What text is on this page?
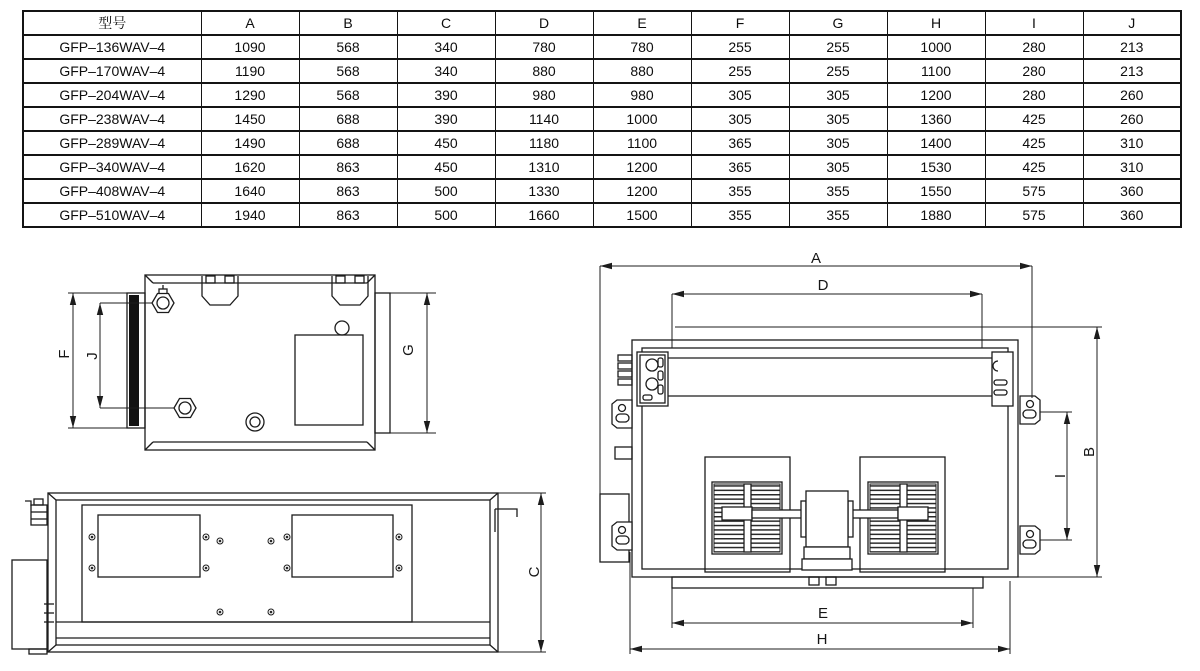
型号	A	B	C	D	E	F	G	H	I	J
GFP–136WAV–4	1090	568	340	780	780	255	255	1000	280	213
GFP–170WAV–4	1190	568	340	880	880	255	255	1100	280	213
GFP–204WAV–4	1290	568	390	980	980	305	305	1200	280	260
GFP–238WAV–4	1450	688	390	1140	1000	305	305	1360	425	260
GFP–289WAV–4	1490	688	450	1180	1100	365	305	1400	425	310
GFP–340WAV–4	1620	863	450	1310	1200	365	305	1530	425	310
GFP–408WAV–4	1640	863	500	1330	1200	355	355	1550	575	360
GFP–510WAV–4	1940	863	500	1660	1500	355	355	1880	575	360
F J
G
C
A
D
B
I
E
H
